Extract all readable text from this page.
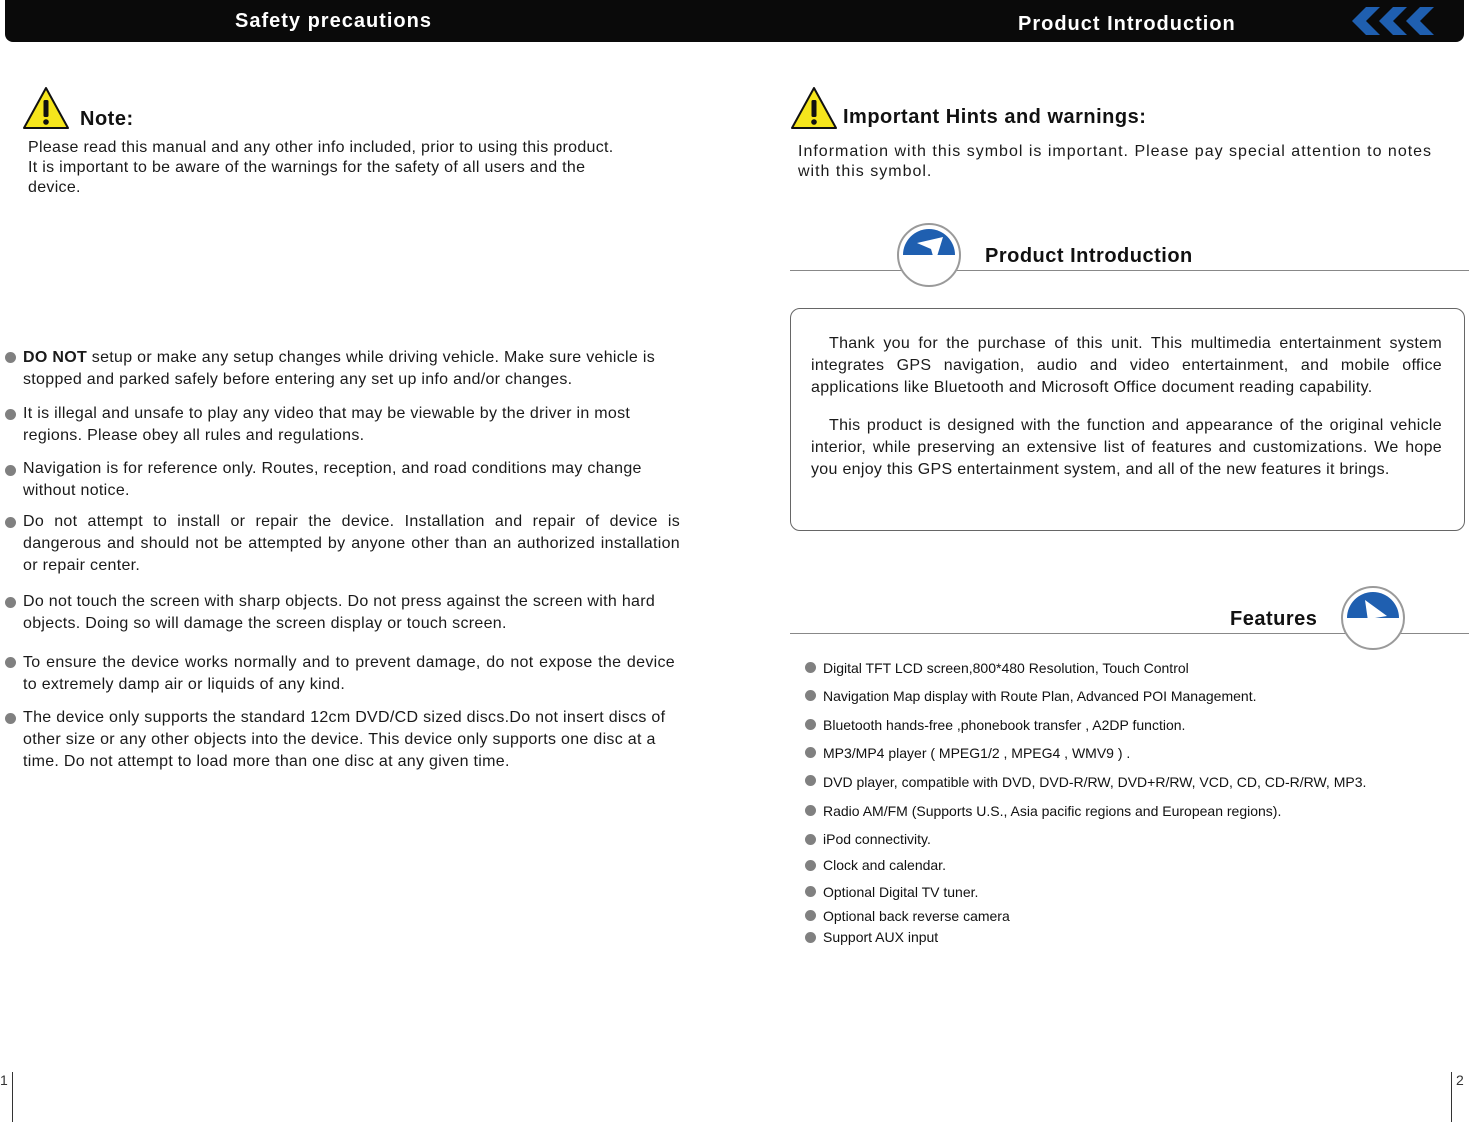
Safety precautions	Product Introduction
Note:
Please read this manual and any other info included, prior to using this product.
It is important to be aware of the warnings for the safety of all users and the
device.
DO NOT setup or make any setup changes while driving vehicle. Make sure vehicle is stopped and parked safely before entering any set up info and/or changes.
It is illegal and unsafe to play any video that may be viewable by the driver in most regions. Please obey all rules and regulations.
Navigation is for reference only. Routes, reception, and road conditions may change without notice.
Do not attempt to install or repair the device. Installation and repair of device is dangerous and should not be attempted by anyone other than an authorized installation or repair center.
Do not touch the screen with sharp objects. Do not press against the screen with hard objects. Doing so will damage the screen display or touch screen.
To ensure the device works normally and to prevent damage, do not expose the device to extremely damp air or liquids of any kind.
The device only supports the standard 12cm DVD/CD sized discs.Do not insert discs of other size or any other objects into the device. This device only supports one disc at a time. Do not attempt to load more than one disc at any given time.
1
Important Hints and warnings:
Information with this symbol is important. Please pay special attention to notes with this symbol.
Product Introduction
Thank you for the purchase of this unit. This multimedia entertainment system integrates GPS navigation, audio and video entertainment, and mobile office applications like Bluetooth and Microsoft Office document reading capability.
This product is designed with the function and appearance of the original vehicle interior, while preserving an extensive list of features and customizations. We hope you enjoy this GPS entertainment system, and all of the new features it brings.
Features
Digital TFT LCD screen,800*480 Resolution, Touch Control
Navigation Map display with Route Plan, Advanced POI Management.
Bluetooth hands-free ,phonebook transfer , A2DP function.
MP3/MP4 player ( MPEG1/2 , MPEG4 , WMV9 ) .
DVD player, compatible with DVD, DVD-R/RW, DVD+R/RW, VCD, CD, CD-R/RW, MP3.
Radio AM/FM (Supports U.S., Asia pacific regions and European regions).
iPod connectivity.
Clock and calendar.
Optional Digital TV tuner.
Optional back reverse camera
Support AUX input
2
